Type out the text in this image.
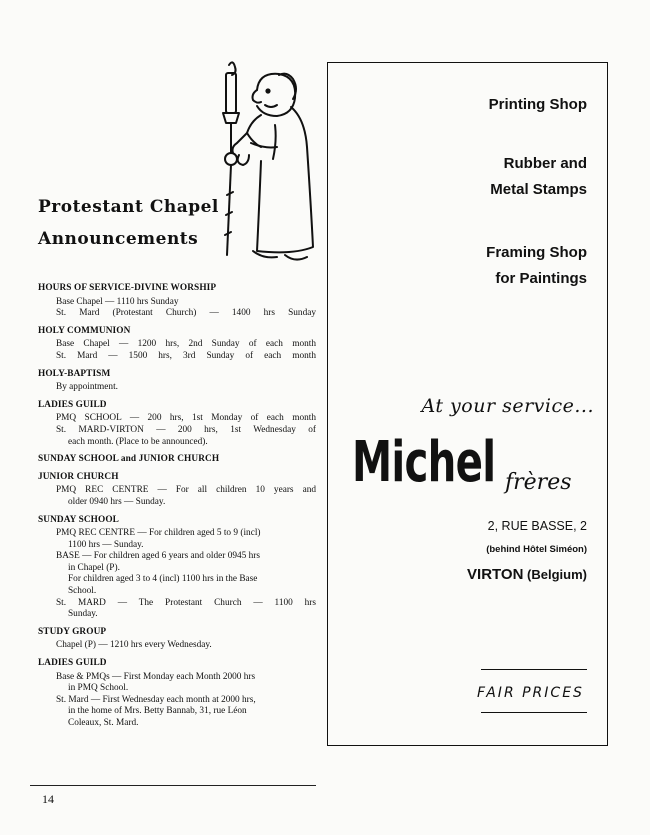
Protestant Chapel
Announcements
HOURS OF SERVICE-DIVINE WORSHIP
Base Chapel — 1110 hrs Sunday
St. Mard (Protestant Church) — 1400 hrs Sunday
HOLY COMMUNION
Base Chapel — 1200 hrs, 2nd Sunday of each month
St. Mard — 1500 hrs, 3rd Sunday of each month
HOLY-BAPTISM
By appointment.
LADIES GUILD
PMQ SCHOOL — 200 hrs, 1st Monday of each month
St. MARD-VIRTON — 200 hrs, 1st Wednesday of
each month. (Place to be announced).
SUNDAY SCHOOL and JUNIOR CHURCH
JUNIOR CHURCH
PMQ REC CENTRE — For all children 10 years and
older 0940 hrs — Sunday.
SUNDAY SCHOOL
PMQ REC CENTRE — For children aged 5 to 9 (incl)
1100 hrs — Sunday.
BASE — For children aged 6 years and older 0945 hrs
in Chapel (P).
For children aged 3 to 4 (incl) 1100 hrs in the Base
School.
St. MARD — The Protestant Church — 1100 hrs
Sunday.
STUDY GROUP
Chapel (P) — 1210 hrs every Wednesday.
LADIES GUILD
Base & PMQs — First Monday each Month 2000 hrs
in PMQ School.
St. Mard — First Wednesday each month at 2000 hrs,
in the home of Mrs. Betty Bannab, 31, rue Léon
Coleaux, St. Mard.
14
Printing Shop
Rubber and
Metal Stamps
Framing Shop
for Paintings
At your service...
Michel frères
2, RUE BASSE, 2
(behind Hôtel Siméon)
VIRTON (Belgium)
FAIR PRICES
